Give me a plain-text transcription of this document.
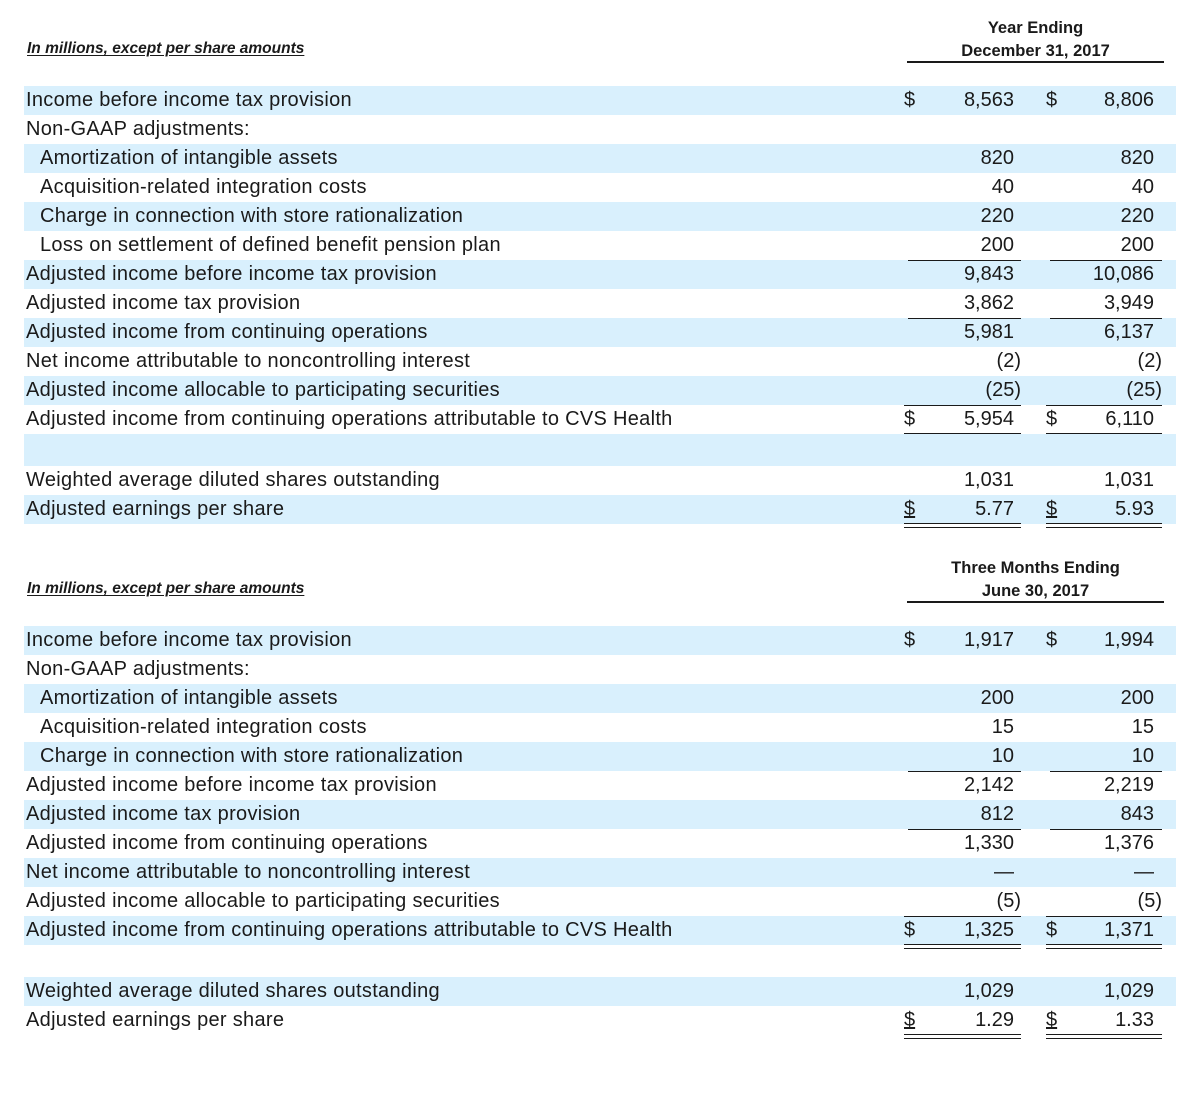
In millions, except per share amounts
Year Ending
December 31, 2017
Income before income tax provision	$	8,563 $	8,806
Non-GAAP adjustments:
Amortization of intangible assets	820	820
Acquisition-related integration costs	40	40
Charge in connection with store rationalization	220	220
Loss on settlement of defined benefit pension plan	200	200
Adjusted income before income tax provision	9,843	10,086
Adjusted income tax provision	3,862	3,949
Adjusted income from continuing operations	5,981	6,137
Net income attributable to noncontrolling interest	(2)	(2)
Adjusted income allocable to participating securities	(25)	(25)
Adjusted income from continuing operations attributable to CVS Health	$	5,954 $	6,110
Weighted average diluted shares outstanding	1,031	1,031
Adjusted earnings per share	$	5.77 $	5.93
In millions, except per share amounts
Three Months Ending
June 30, 2017
Income before income tax provision	$	1,917 $	1,994
Non-GAAP adjustments:
Amortization of intangible assets	200	200
Acquisition-related integration costs	15	15
Charge in connection with store rationalization	10	10
Adjusted income before income tax provision	2,142	2,219
Adjusted income tax provision	812	843
Adjusted income from continuing operations	1,330	1,376
Net income attributable to noncontrolling interest	—	—
Adjusted income allocable to participating securities	(5)	(5)
Adjusted income from continuing operations attributable to CVS Health	$	1,325 $	1,371
Weighted average diluted shares outstanding	1,029	1,029
Adjusted earnings per share	$	1.29 $	1.33
